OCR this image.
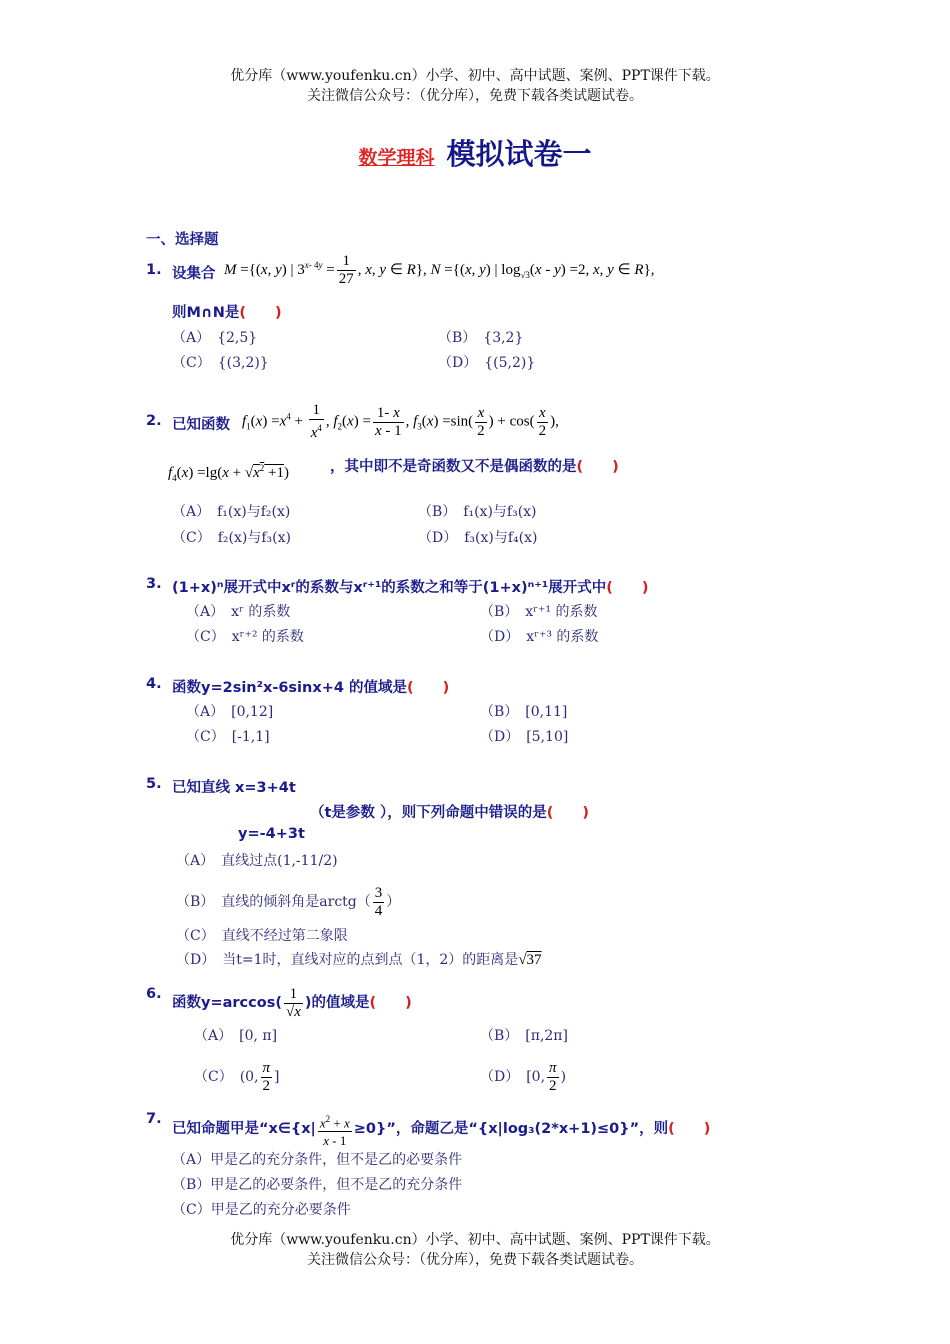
优分库（www.youfenku.cn）小学、初中、高中试题、案例、PPT课件下载。
关注微信公众号：（优分库），免费下载各类试题试卷。
数学理科 模拟试卷一
一、选择题
1. 设集合 M ={(x, y) | $3^{x- 4y} = \frac{1}{27}$ , x, y ∈ R}, N ={(x, y) | $\log_{√3}(x - y) =2$, x, y ∈ R},
则M∩N是(　　)
（A）　{2,5}	（B）　{3,2}
（C）　{(3,2)}	（D）　{(5,2)}
2. 已知函数 $f_1(x) =x^4 + \frac{1}{x^4}$ , $f_2(x) = \frac{1- x}{x - 1}$ , $f_3(x) =\sin( \frac{x}{2}$ ) + $\cos( \frac{x}{2}$ ),
$f_4(x) =\lg(x + √x^2 +1)$	，其中即不是奇函数又不是偶函数的是(　　)
（A）　f₁(x)与f₂(x)	（B）　f₁(x)与f₃(x)
（C）　f₂(x)与f₃(x)	（D）　f₃(x)与f₄(x)
3. (1+x)ⁿ展开式中xʳ的系数与xʳ⁺¹的系数之和等于(1+x)ⁿ⁺¹展开式中(　　)
（A）　xʳ 的系数	（B）　xʳ⁺¹ 的系数
（C）　xʳ⁺² 的系数	（D）　xʳ⁺³ 的系数
4. 函数y=2sin²x-6sinx+4 的值域是(　　)
（A）　[0,12]	（B）　[0,11]
（C）　[-1,1]	（D）　[5,10]
5. 已知直线 x=3+4t
（t是参数 ），则下列命题中错误的是(　　)
y=-4+3t
（A）　直线过点(1,-11/2)
（B）　直线的倾斜角是arctg（ $\frac{3}{4}$ ）
（C）　直线不经过第二象限
（D）　当t=1时，直线对应的点到点（1，2）的距离是√37
6.
函数$y=\arccos( \frac{1}{√x}$ )的值域是(　　)
（A）　[0, π]	（B）　[π,2π]
（C）　(0, $\frac{\pi}{2}$ ]	（D）　[0, $\frac{\pi}{2}$ )
7.
已知命题甲是“x∈{x| $\frac{x^2 + x}{x - 1} \ge 0$}”，命题乙是“{x|log₃(2*x+1)≤0}”，则(　　)
（A）甲是乙的充分条件，但不是乙的必要条件
（B）甲是乙的必要条件，但不是乙的充分条件
（C）甲是乙的充分必要条件
优分库（www.youfenku.cn）小学、初中、高中试题、案例、PPT课件下载。
关注微信公众号：（优分库），免费下载各类试题试卷。
